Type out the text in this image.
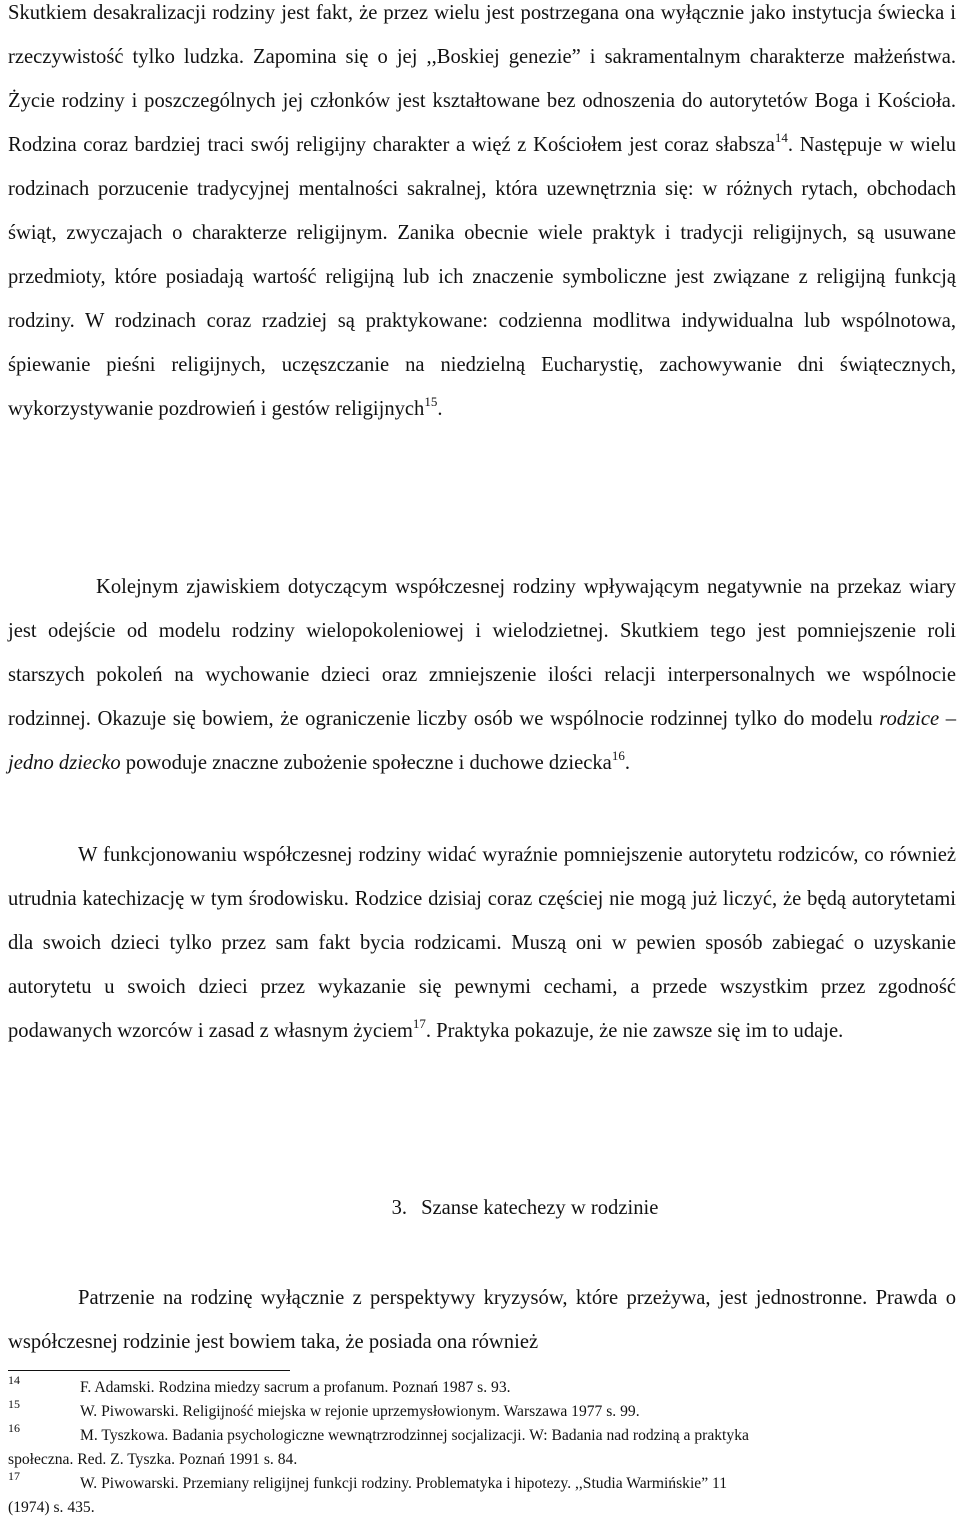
Skutkiem desakralizacji rodziny jest fakt, że przez wielu jest postrzegana ona wyłącznie jako instytucja świecka i rzeczywistość tylko ludzka. Zapomina się o jej ,,Boskiej genezie” i sakramentalnym charakterze małżeństwa. Życie rodziny i poszczególnych jej członków jest kształtowane bez odnoszenia do autorytetów Boga i Kościoła. Rodzina coraz bardziej traci swój religijny charakter a więź z Kościołem jest coraz słabsza$^{14}$. Następuje w wielu rodzinach porzucenie tradycyjnej mentalności sakralnej, która uzewnętrznia się: w różnych rytach, obchodach świąt, zwyczajach o charakterze religijnym. Zanika obecnie wiele praktyk i tradycji religijnych, są usuwane przedmioty, które posiadają wartość religijną lub ich znaczenie symboliczne jest związane z religijną funkcją rodziny. W rodzinach coraz rzadziej są praktykowane: codzienna modlitwa indywidualna lub wspólnotowa, śpiewanie pieśni religijnych, uczęszczanie na niedzielną Eucharystię, zachowywanie dni świątecznych, wykorzystywanie pozdrowień i gestów religijnych$^{15}$.

Kolejnym zjawiskiem dotyczącym współczesnej rodziny wpływającym negatywnie na przekaz wiary jest odejście od modelu rodziny wielopokoleniowej i wielodzietnej. Skutkiem tego jest pomniejszenie roli starszych pokoleń na wychowanie dzieci oraz zmniejszenie ilości relacji interpersonalnych we wspólnocie rodzinnej. Okazuje się bowiem, że ograniczenie liczby osób we wspólnocie rodzinnej tylko do modelu rodzice – jedno dziecko powoduje znaczne zubożenie społeczne i duchowe dziecka$^{16}$.

W funkcjonowaniu współczesnej rodziny widać wyraźnie pomniejszenie autorytetu rodziców, co również utrudnia katechizację w tym środowisku. Rodzice dzisiaj coraz częściej nie mogą już liczyć, że będą autorytetami dla swoich dzieci tylko przez sam fakt bycia rodzicami. Muszą oni w pewien sposób zabiegać o uzyskanie autorytetu u swoich dzieci przez wykazanie się pewnymi cechami, a przede wszystkim przez zgodność podawanych wzorców i zasad z własnym życiem$^{17}$. Praktyka pokazuje, że nie zawsze się im to udaje.

3. Szanse katechezy w rodzinie

Patrzenie na rodzinę wyłącznie z perspektywy kryzysów, które przeżywa, jest jednostronne. Prawda o współczesnej rodzinie jest bowiem taka, że posiada ona również

14	F. Adamski. Rodzina miedzy sacrum a profanum. Poznań 1987 s. 93.

15	W. Piwowarski. Religijność miejska w rejonie uprzemysłowionym. Warszawa 1977 s. 99.

16	M. Tyszkowa. Badania psychologiczne wewnątrzrodzinnej socjalizacji. W: Badania nad rodziną a praktyka
społeczna. Red. Z. Tyszka. Poznań 1991 s. 84.

17	W. Piwowarski. Przemiany religijnej funkcji rodziny. Problematyka i hipotezy. ,,Studia Warmińskie” 11
(1974) s. 435.
